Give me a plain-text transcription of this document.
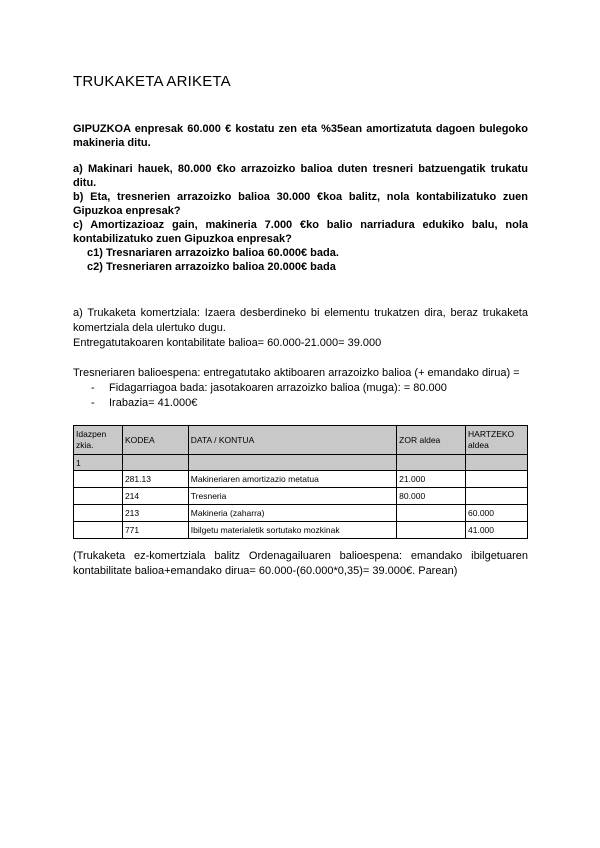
TRUKAKETA ARIKETA

GIPUZKOA enpresak 60.000 € kostatu zen eta %35ean amortizatuta dagoen bulegoko makineria ditu.

a) Makinari hauek, 80.000 €ko arrazoizko balioa duten tresneri batzuengatik trukatu ditu.

b) Eta, tresnerien arrazoizko balioa 30.000 €koa balitz, nola kontabilizatuko zuen Gipuzkoa enpresak?

c) Amortizazioaz gain, makineria 7.000 €ko balio narriadura edukiko balu, nola kontabilizatuko zuen Gipuzkoa enpresak?

c1) Tresnariaren arrazoizko balioa 60.000€ bada.

c2) Tresneriaren arrazoizko balioa 20.000€ bada

a) Trukaketa komertziala: Izaera desberdineko bi elementu trukatzen dira, beraz trukaketa komertziala dela ulertuko dugu.

Entregatutakoaren kontabilitate balioa= 60.000-21.000= 39.000

Tresneriaren balioespena: entregatutako aktiboaren arrazoizko balioa (+ emandako dirua) =

- Fidagarriagoa bada: jasotakoaren arrazoizko balioa (muga): = 80.000
- Irabazia= 41.000€
Idazpen zkia.	KODEA	DATA / KONTUA	ZOR aldea	HARTZEKO aldea
1				
	281.13	Makineriaren amortizazio metatua	21.000	
	214	Tresneria	80.000	
	213	Makineria (zaharra)		60.000
	771	Ibilgetu materialetik sortutako mozkinak		41.000

(Trukaketa ez-komertziala balitz Ordenagailuaren balioespena: emandako ibilgetuaren kontabilitate balioa+emandako dirua= 60.000-(60.000*0,35)= 39.000€. Parean)
